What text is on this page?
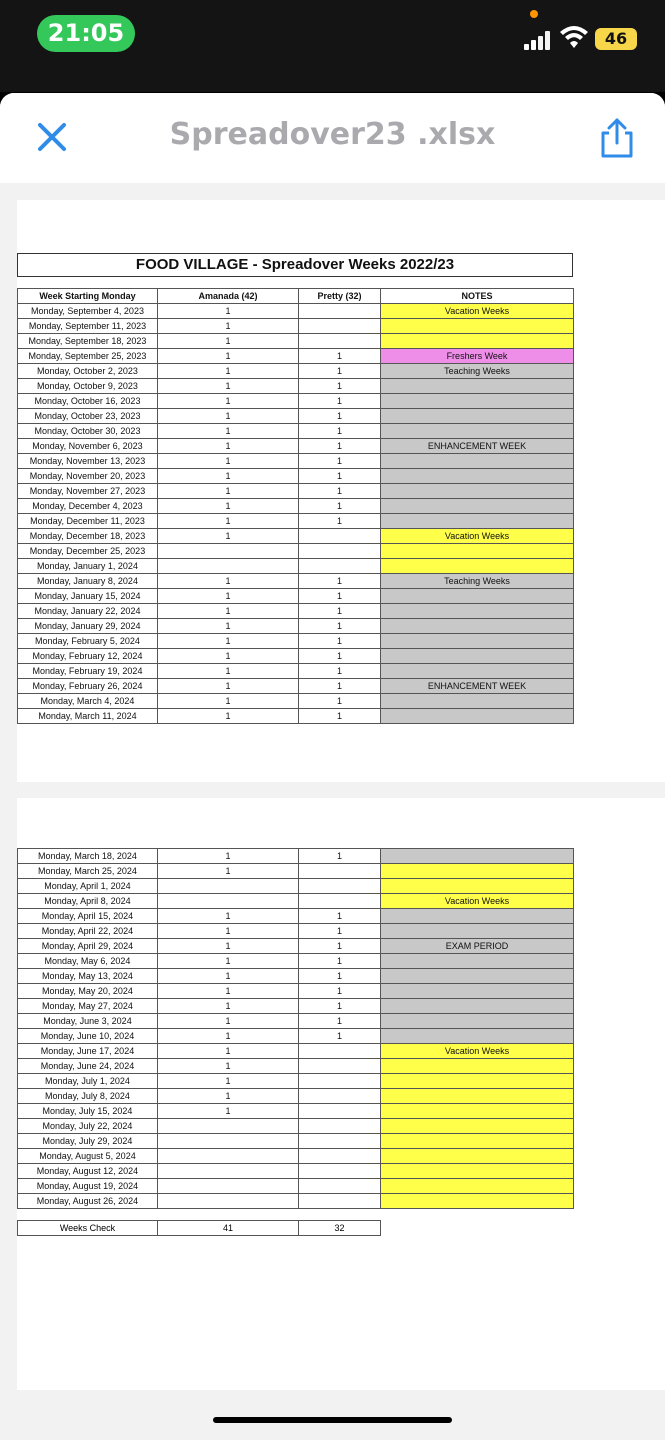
21:05	46
Spreadover23 .xlsx
FOOD VILLAGE - Spreadover Weeks 2022/23
Week Starting Monday	Amanada (42)	Pretty (32)	NOTES
Monday, September 4, 2023	1		Vacation Weeks
Monday, September 11, 2023	1		
Monday, September 18, 2023	1		
Monday, September 25, 2023	1	1	Freshers Week
Monday, October 2, 2023	1	1	Teaching Weeks
Monday, October 9, 2023	1	1	
Monday, October 16, 2023	1	1	
Monday, October 23, 2023	1	1	
Monday, October 30, 2023	1	1	
Monday, November 6, 2023	1	1	ENHANCEMENT WEEK
Monday, November 13, 2023	1	1	
Monday, November 20, 2023	1	1	
Monday, November 27, 2023	1	1	
Monday, December 4, 2023	1	1	
Monday, December 11, 2023	1	1	
Monday, December 18, 2023	1		Vacation Weeks
Monday, December 25, 2023			
Monday, January 1, 2024			
Monday, January 8, 2024	1	1	Teaching Weeks
Monday, January 15, 2024	1	1	
Monday, January 22, 2024	1	1	
Monday, January 29, 2024	1	1	
Monday, February 5, 2024	1	1	
Monday, February 12, 2024	1	1	
Monday, February 19, 2024	1	1	
Monday, February 26, 2024	1	1	ENHANCEMENT WEEK
Monday, March 4, 2024	1	1	
Monday, March 11, 2024	1	1	
Monday, March 18, 2024	1	1	
Monday, March 25, 2024	1		
Monday, April 1, 2024			
Monday, April 8, 2024			Vacation Weeks
Monday, April 15, 2024	1	1	
Monday, April 22, 2024	1	1	
Monday, April 29, 2024	1	1	EXAM PERIOD
Monday, May 6, 2024	1	1	
Monday, May 13, 2024	1	1	
Monday, May 20, 2024	1	1	
Monday, May 27, 2024	1	1	
Monday, June 3, 2024	1	1	
Monday, June 10, 2024	1	1	
Monday, June 17, 2024	1		Vacation Weeks
Monday, June 24, 2024	1		
Monday, July 1, 2024	1		
Monday, July 8, 2024	1		
Monday, July 15, 2024	1		
Monday, July 22, 2024			
Monday, July 29, 2024			
Monday, August 5, 2024			
Monday, August 12, 2024			
Monday, August 19, 2024			
Monday, August 26, 2024			
Weeks Check	41	32
